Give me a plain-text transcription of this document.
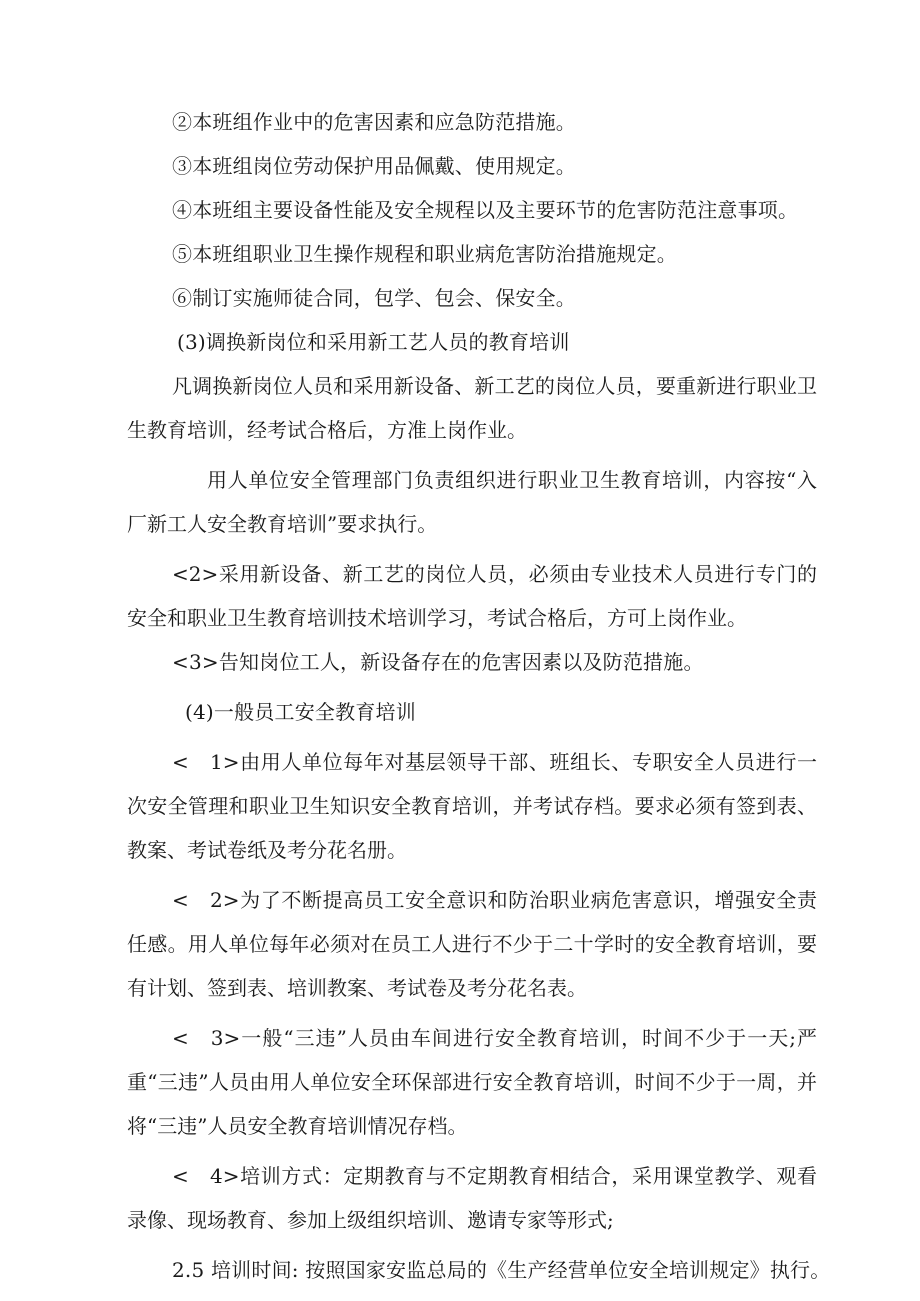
②本班组作业中的危害因素和应急防范措施。
③本班组岗位劳动保护用品佩戴、使用规定。
④本班组主要设备性能及安全规程以及主要环节的危害防范注意事项。
⑤本班组职业卫生操作规程和职业病危害防治措施规定。
⑥制订实施师徒合同，包学、包会、保安全。
(3)调换新岗位和采用新工艺人员的教育培训
凡调换新岗位人员和采用新设备、新工艺的岗位人员，要重新进行职业卫生教育培训，经考试合格后，方准上岗作业。
用人单位安全管理部门负责组织进行职业卫生教育培训，内容按“入厂新工人安全教育培训”要求执行。
<2>采用新设备、新工艺的岗位人员，必须由专业技术人员进行专门的安全和职业卫生教育培训技术培训学习，考试合格后，方可上岗作业。
<3>告知岗位工人，新设备存在的危害因素以及防范措施。
(4)一般员工安全教育培训
<　1>由用人单位每年对基层领导干部、班组长、专职安全人员进行一次安全管理和职业卫生知识安全教育培训，并考试存档。要求必须有签到表、教案、考试卷纸及考分花名册。
<　2>为了不断提高员工安全意识和防治职业病危害意识，增强安全责任感。用人单位每年必须对在员工人进行不少于二十学时的安全教育培训，要有计划、签到表、培训教案、考试卷及考分花名表。
<　3>一般“三违”人员由车间进行安全教育培训，时间不少于一天;严重“三违”人员由用人单位安全环保部进行安全教育培训，时间不少于一周，并将“三违”人员安全教育培训情况存档。
<　4>培训方式：定期教育与不定期教育相结合，采用课堂教学、观看录像、现场教育、参加上级组织培训、邀请专家等形式;
2.5 培训时间: 按照国家安监总局的《生产经营单位安全培训规定》执行。
